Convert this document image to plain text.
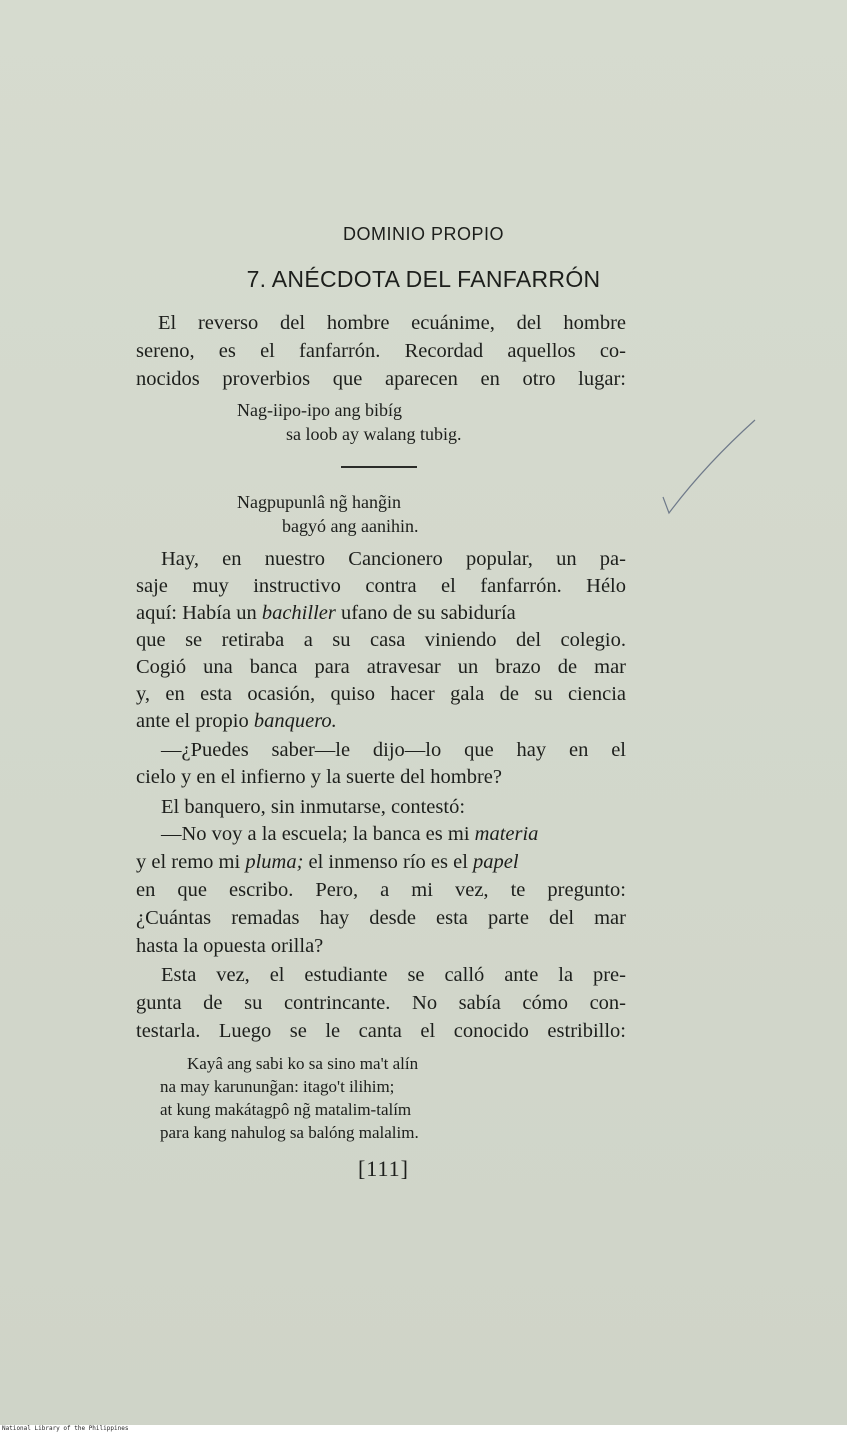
DOMINIO PROPIO
7. ANÉCDOTA DEL FANFARRÓN
El reverso del hombre ecuánime, del hombre
sereno, es el fanfarrón. Recordad aquellos co-
nocidos proverbios que aparecen en otro lugar:
Nag-iipo-ipo ang bibíg
sa loob ay walang tubig.
Nagpupunlâ ng̃ hang̃in
bagyó ang aanihin.
Hay, en nuestro Cancionero popular, un pa-
saje muy instructivo contra el fanfarrón. Hélo
aquí: Había un bachiller ufano de su sabiduría
que se retiraba a su casa viniendo del colegio.
Cogió una banca para atravesar un brazo de mar
y, en esta ocasión, quiso hacer gala de su ciencia
ante el propio banquero.
—¿Puedes saber—le dijo—lo que hay en el
cielo y en el infierno y la suerte del hombre?
El banquero, sin inmutarse, contestó:
—No voy a la escuela; la banca es mi materia
y el remo mi pluma; el inmenso río es el papel
en que escribo. Pero, a mi vez, te pregunto:
¿Cuántas remadas hay desde esta parte del mar
hasta la opuesta orilla?
Esta vez, el estudiante se calló ante la pre-
gunta de su contrincante. No sabía cómo con-
testarla. Luego se le canta el conocido estribillo:
Kayâ ang sabi ko sa sino ma't alín
na may karunung̃an: itago't ilihim;
at kung makátagpô ng̃ matalim-talím
para kang nahulog sa balóng malalim.
[111]
National Library of the Philippines
